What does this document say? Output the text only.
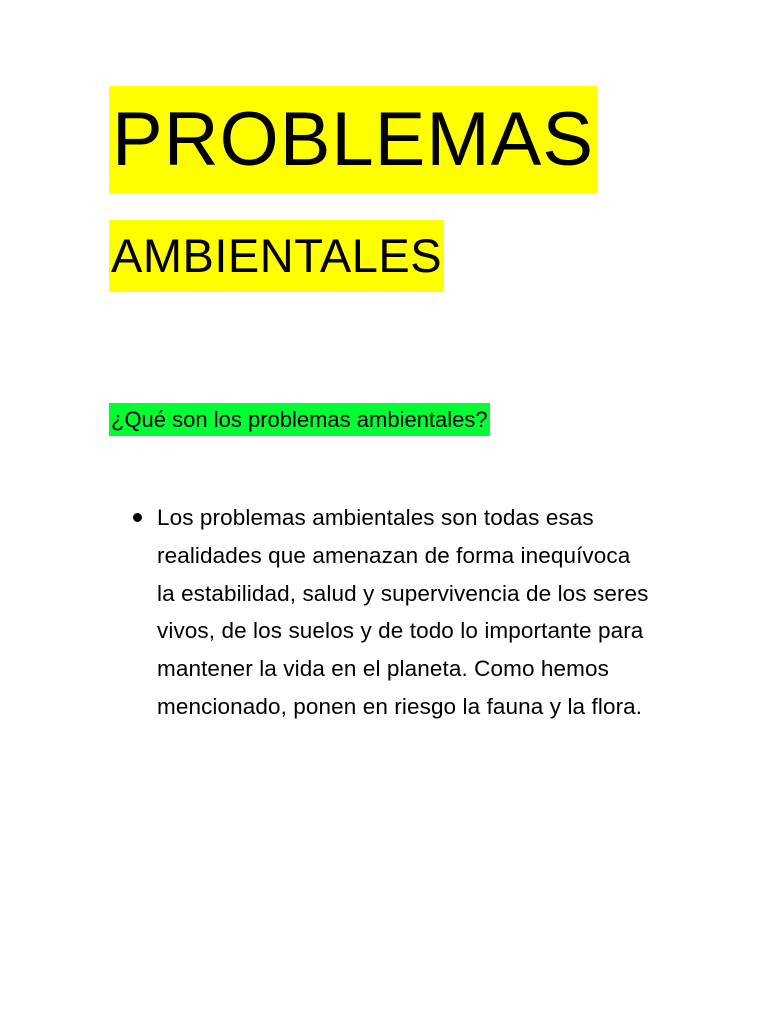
PROBLEMAS
AMBIENTALES
¿Qué son los problemas ambientales?
Los problemas ambientales son todas esas realidades que amenazan de forma inequívoca la estabilidad, salud y supervivencia de los seres vivos, de los suelos y de todo lo importante para mantener la vida en el planeta. Como hemos mencionado, ponen en riesgo la fauna y la flora.
